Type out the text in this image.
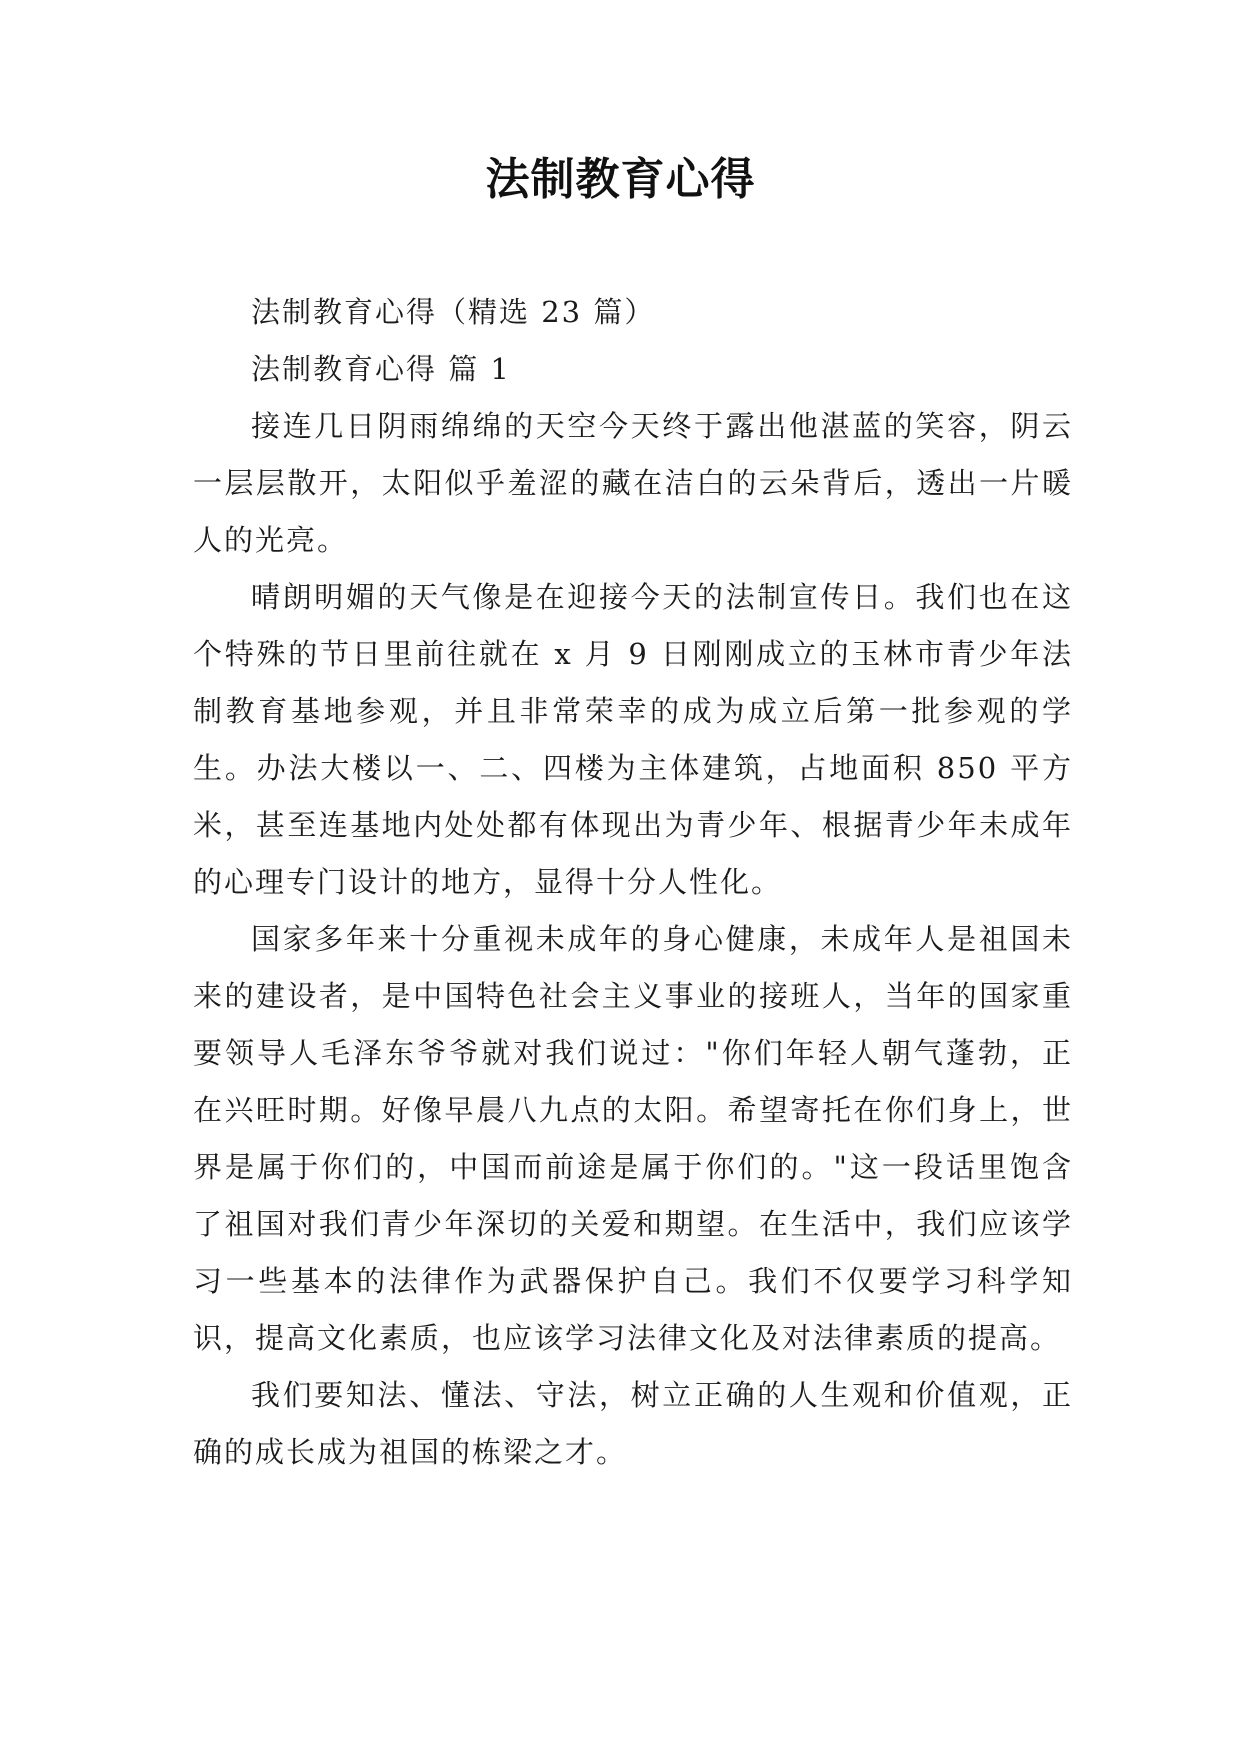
法制教育心得

法制教育心得（精选 23 篇）

法制教育心得 篇 1

接连几日阴雨绵绵的天空今天终于露出他湛蓝的笑容，阴云一层层散开，太阳似乎羞涩的藏在洁白的云朵背后，透出一片暖人的光亮。

晴朗明媚的天气像是在迎接今天的法制宣传日。我们也在这个特殊的节日里前往就在 x 月 9 日刚刚成立的玉林市青少年法制教育基地参观，并且非常荣幸的成为成立后第一批参观的学生。办法大楼以一、二、四楼为主体建筑，占地面积 850 平方米，甚至连基地内处处都有体现出为青少年、根据青少年未成年的心理专门设计的地方，显得十分人性化。

国家多年来十分重视未成年的身心健康，未成年人是祖国未来的建设者，是中国特色社会主义事业的接班人，当年的国家重要领导人毛泽东爷爷就对我们说过："你们年轻人朝气蓬勃，正在兴旺时期。好像早晨八九点的太阳。希望寄托在你们身上，世界是属于你们的，中国而前途是属于你们的。"这一段话里饱含了祖国对我们青少年深切的关爱和期望。在生活中，我们应该学习一些基本的法律作为武器保护自己。我们不仅要学习科学知识，提高文化素质，也应该学习法律文化及对法律素质的提高。

我们要知法、懂法、守法，树立正确的人生观和价值观，正确的成长成为祖国的栋梁之才。
